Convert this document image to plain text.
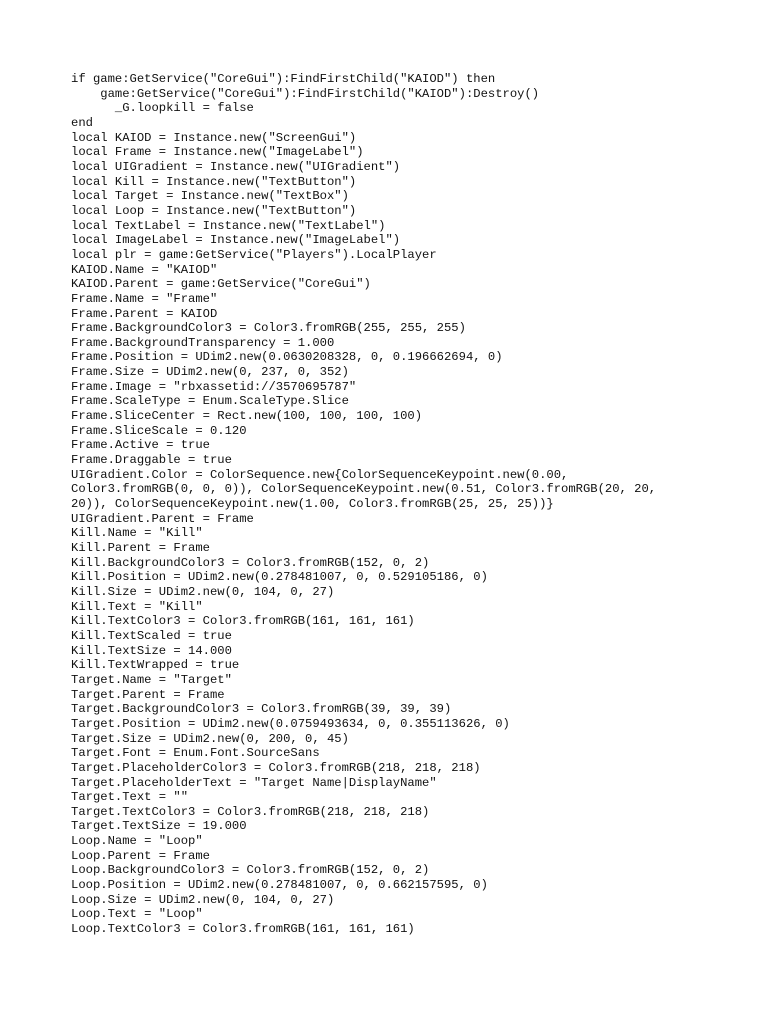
if game:GetService("CoreGui"):FindFirstChild("KAIOD") then
game:GetService("CoreGui"):FindFirstChild("KAIOD"):Destroy()
_G.loopkill = false
end
local KAIOD = Instance.new("ScreenGui")
local Frame = Instance.new("ImageLabel")
local UIGradient = Instance.new("UIGradient")
local Kill = Instance.new("TextButton")
local Target = Instance.new("TextBox")
local Loop = Instance.new("TextButton")
local TextLabel = Instance.new("TextLabel")
local ImageLabel = Instance.new("ImageLabel")
local plr = game:GetService("Players").LocalPlayer
KAIOD.Name = "KAIOD"
KAIOD.Parent = game:GetService("CoreGui")
Frame.Name = "Frame"
Frame.Parent = KAIOD
Frame.BackgroundColor3 = Color3.fromRGB(255, 255, 255)
Frame.BackgroundTransparency = 1.000
Frame.Position = UDim2.new(0.0630208328, 0, 0.196662694, 0)
Frame.Size = UDim2.new(0, 237, 0, 352)
Frame.Image = "rbxassetid://3570695787"
Frame.ScaleType = Enum.ScaleType.Slice
Frame.SliceCenter = Rect.new(100, 100, 100, 100)
Frame.SliceScale = 0.120
Frame.Active = true
Frame.Draggable = true
UIGradient.Color = ColorSequence.new{ColorSequenceKeypoint.new(0.00,
Color3.fromRGB(0, 0, 0)), ColorSequenceKeypoint.new(0.51, Color3.fromRGB(20, 20,
20)), ColorSequenceKeypoint.new(1.00, Color3.fromRGB(25, 25, 25))}
UIGradient.Parent = Frame
Kill.Name = "Kill"
Kill.Parent = Frame
Kill.BackgroundColor3 = Color3.fromRGB(152, 0, 2)
Kill.Position = UDim2.new(0.278481007, 0, 0.529105186, 0)
Kill.Size = UDim2.new(0, 104, 0, 27)
Kill.Text = "Kill"
Kill.TextColor3 = Color3.fromRGB(161, 161, 161)
Kill.TextScaled = true
Kill.TextSize = 14.000
Kill.TextWrapped = true
Target.Name = "Target"
Target.Parent = Frame
Target.BackgroundColor3 = Color3.fromRGB(39, 39, 39)
Target.Position = UDim2.new(0.0759493634, 0, 0.355113626, 0)
Target.Size = UDim2.new(0, 200, 0, 45)
Target.Font = Enum.Font.SourceSans
Target.PlaceholderColor3 = Color3.fromRGB(218, 218, 218)
Target.PlaceholderText = "Target Name|DisplayName"
Target.Text = ""
Target.TextColor3 = Color3.fromRGB(218, 218, 218)
Target.TextSize = 19.000
Loop.Name = "Loop"
Loop.Parent = Frame
Loop.BackgroundColor3 = Color3.fromRGB(152, 0, 2)
Loop.Position = UDim2.new(0.278481007, 0, 0.662157595, 0)
Loop.Size = UDim2.new(0, 104, 0, 27)
Loop.Text = "Loop"
Loop.TextColor3 = Color3.fromRGB(161, 161, 161)
